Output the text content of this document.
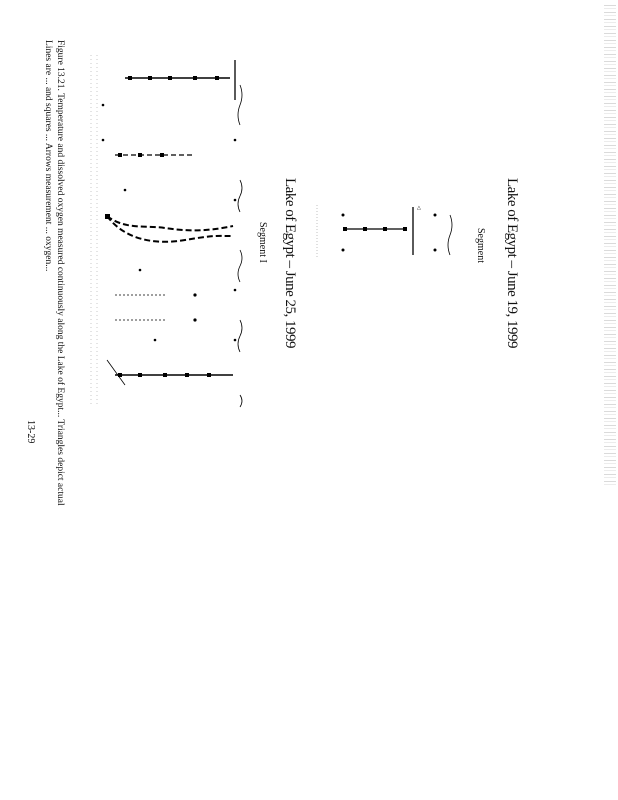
Lake of Egypt – June 19, 1999
Lake of Egypt – June 25, 1999	Segment
Segment I
△
Figure 13.21. Temperature and dissolved oxygen measured continuously along the Lake of Egypt... Triangles depict actual
Lines are ... and squares ... Arrows measurement ... oxygen...
13-29
